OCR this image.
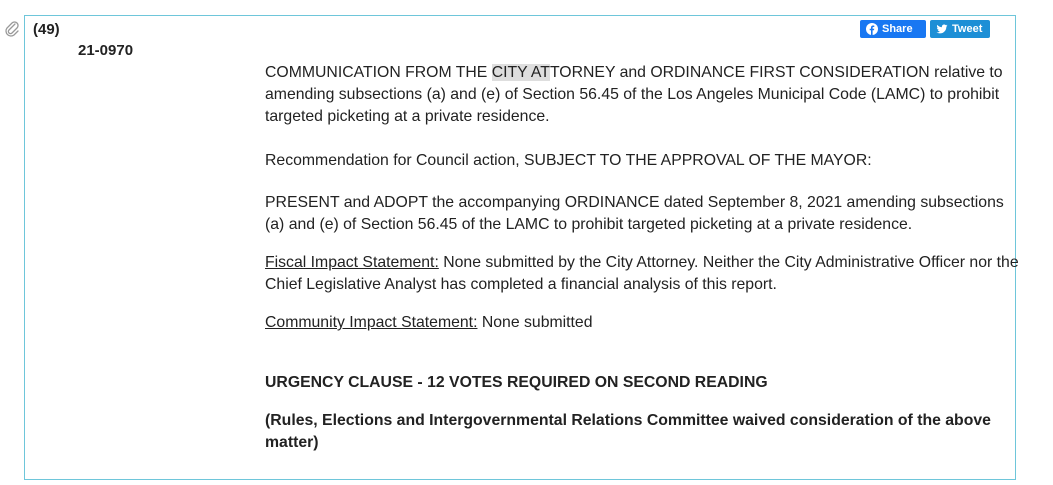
(49)
21-0970
Share	Tweet

COMMUNICATION FROM THE CITY ATTORNEY and ORDINANCE FIRST CONSIDERATION relative to amending subsections (a) and (e) of Section 56.45 of the Los Angeles Municipal Code (LAMC) to prohibit targeted picketing at a private residence.

Recommendation for Council action, SUBJECT TO THE APPROVAL OF THE MAYOR:

PRESENT and ADOPT the accompanying ORDINANCE dated September 8, 2021 amending subsections (a) and (e) of Section 56.45 of the LAMC to prohibit targeted picketing at a private residence.

Fiscal Impact Statement: None submitted by the City Attorney. Neither the City Administrative Officer nor the Chief Legislative Analyst has completed a financial analysis of this report.

Community Impact Statement: None submitted

URGENCY CLAUSE - 12 VOTES REQUIRED ON SECOND READING

(Rules, Elections and Intergovernmental Relations Committee waived consideration of the above matter)
